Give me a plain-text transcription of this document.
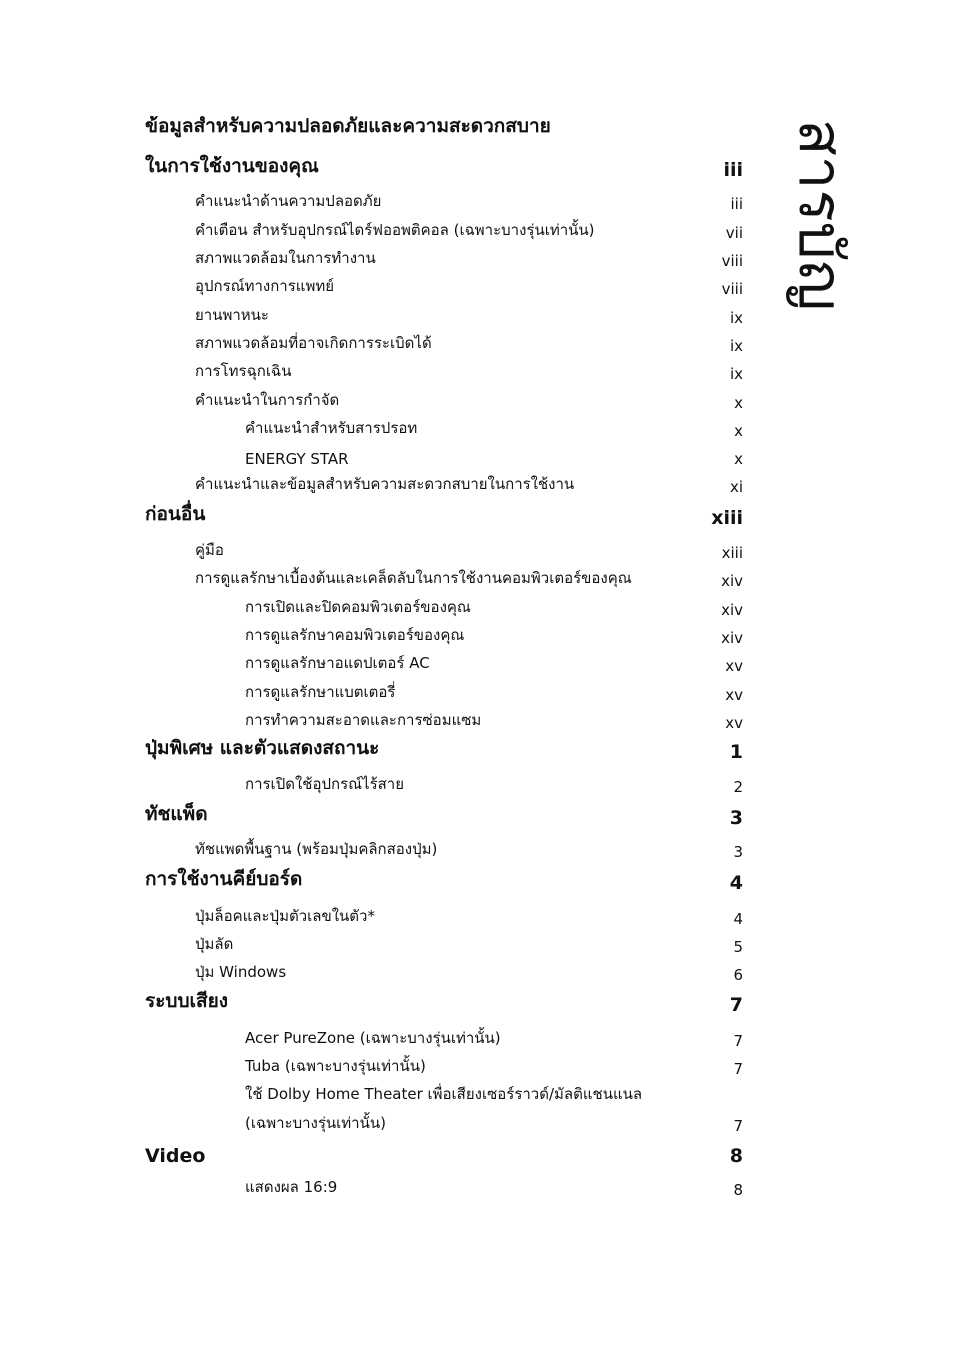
สารบัญ
ข้อมูลสำหรับความปลอดภัยและความสะดวกสบาย
ในการใช้งานของคุณ	iii
คำแนะนำด้านความปลอดภัย	iii
คำเตือน สำหรับอุปกรณ์ไดร์ฟออพติคอล (เฉพาะบางรุ่นเท่านั้น)	vii
สภาพแวดล้อมในการทำงาน	viii
อุปกรณ์ทางการแพทย์	viii
ยานพาหนะ	ix
สภาพแวดล้อมที่อาจเกิดการระเบิดได้	ix
การโทรฉุกเฉิน	ix
คำแนะนำในการกำจัด	x
คำแนะนำสำหรับสารปรอท	x
ENERGY STAR	x
คำแนะนำและข้อมูลสำหรับความสะดวกสบายในการใช้งาน	xi
ก่อนอื่น	xiii
คู่มือ	xiii
การดูแลรักษาเบื้องต้นและเคล็ดลับในการใช้งานคอมพิวเตอร์ของคุณ	xiv
การเปิดและปิดคอมพิวเตอร์ของคุณ	xiv
การดูแลรักษาคอมพิวเตอร์ของคุณ	xiv
การดูแลรักษาอแดปเตอร์ AC	xv
การดูแลรักษาแบตเตอรี่	xv
การทำความสะอาดและการซ่อมแซม	xv
ปุ่มพิเศษ และตัวแสดงสถานะ	1
การเปิดใช้อุปกรณ์ไร้สาย	2
ทัชแพ็ด	3
ทัชแพดพื้นฐาน (พร้อมปุ่มคลิกสองปุ่ม)	3
การใช้งานคีย์บอร์ด	4
ปุ่มล็อคและปุ่มตัวเลขในตัว*	4
ปุ่มลัด	5
ปุ่ม Windows	6
ระบบเสียง	7
Acer PureZone (เฉพาะบางรุ่นเท่านั้น)	7
Tuba (เฉพาะบางรุ่นเท่านั้น)	7
ใช้ Dolby Home Theater เพื่อเสียงเซอร์ราวด์/มัลติแชนแนล
(เฉพาะบางรุ่นเท่านั้น)	7
Video	8
แสดงผล 16:9	8
